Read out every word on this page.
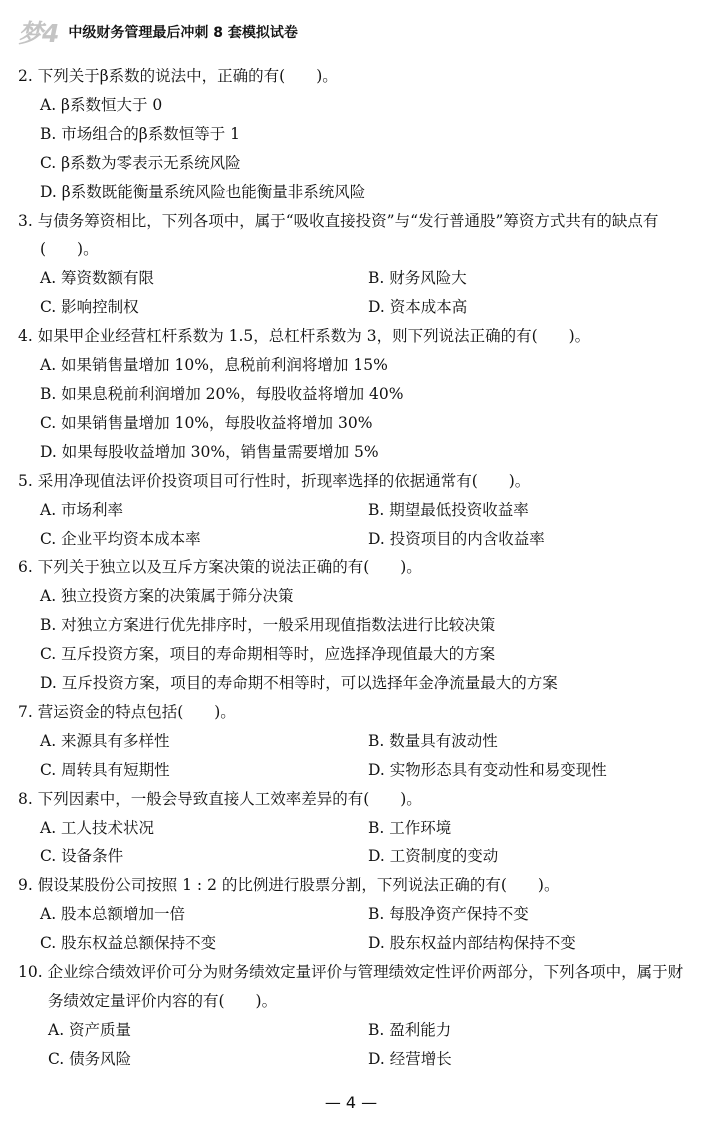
梦4 中级财务管理最后冲刺 8 套模拟试卷
2. 下列关于β系数的说法中，正确的有(　　)。
A. β系数恒大于 0
B. 市场组合的β系数恒等于 1
C. β系数为零表示无系统风险
D. β系数既能衡量系统风险也能衡量非系统风险
3. 与债务筹资相比，下列各项中，属于“吸收直接投资”与“发行普通股”筹资方式共有的缺点有(　　)。
A. 筹资数额有限	B. 财务风险大
C. 影响控制权	D. 资本成本高
4. 如果甲企业经营杠杆系数为 1.5，总杠杆系数为 3，则下列说法正确的有(　　)。
A. 如果销售量增加 10%，息税前利润将增加 15%
B. 如果息税前利润增加 20%，每股收益将增加 40%
C. 如果销售量增加 10%，每股收益将增加 30%
D. 如果每股收益增加 30%，销售量需要增加 5%
5. 采用净现值法评价投资项目可行性时，折现率选择的依据通常有(　　)。
A. 市场利率	B. 期望最低投资收益率
C. 企业平均资本成本率	D. 投资项目的内含收益率
6. 下列关于独立以及互斥方案决策的说法正确的有(　　)。
A. 独立投资方案的决策属于筛分决策
B. 对独立方案进行优先排序时，一般采用现值指数法进行比较决策
C. 互斥投资方案，项目的寿命期相等时，应选择净现值最大的方案
D. 互斥投资方案，项目的寿命期不相等时，可以选择年金净流量最大的方案
7. 营运资金的特点包括(　　)。
A. 来源具有多样性	B. 数量具有波动性
C. 周转具有短期性	D. 实物形态具有变动性和易变现性
8. 下列因素中，一般会导致直接人工效率差异的有(　　)。
A. 工人技术状况	B. 工作环境
C. 设备条件	D. 工资制度的变动
9. 假设某股份公司按照 1 : 2 的比例进行股票分割，下列说法正确的有(　　)。
A. 股本总额增加一倍	B. 每股净资产保持不变
C. 股东权益总额保持不变	D. 股东权益内部结构保持不变
10. 企业综合绩效评价可分为财务绩效定量评价与管理绩效定性评价两部分，下列各项中，属于财务绩效定量评价内容的有(　　)。
A. 资产质量	B. 盈利能力
C. 债务风险	D. 经营增长
— 4 —
